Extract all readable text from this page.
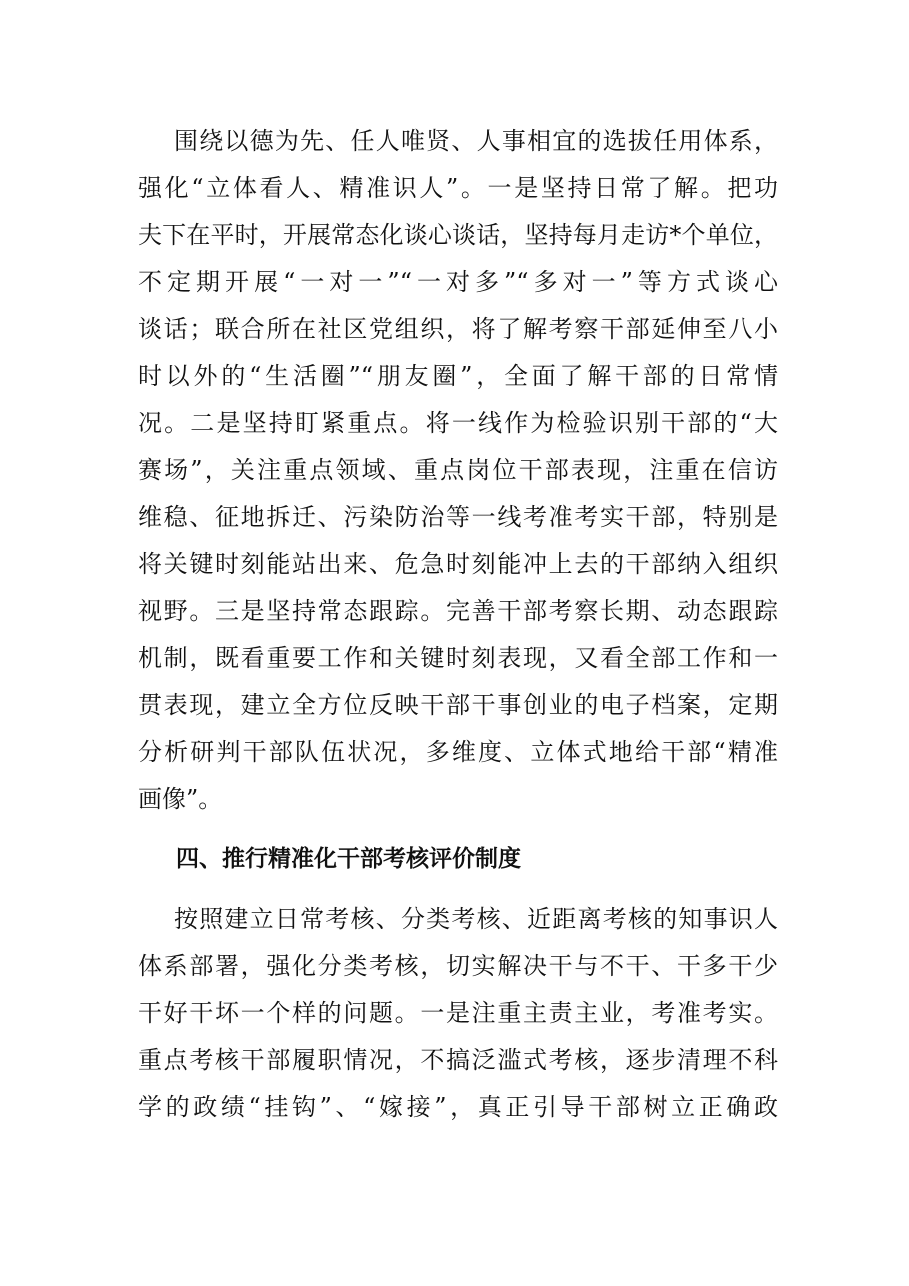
围绕以德为先、任人唯贤、人事相宜的选拔任用体系，
强化“立体看人、精准识人”。一是坚持日常了解。把功
夫下在平时，开展常态化谈心谈话，坚持每月走访*个单位，
不定期开展“一对一”“一对多”“多对一”等方式谈心
谈话；联合所在社区党组织，将了解考察干部延伸至八小
时以外的“生活圈”“朋友圈”，全面了解干部的日常情
况。二是坚持盯紧重点。将一线作为检验识别干部的“大
赛场”，关注重点领域、重点岗位干部表现，注重在信访
维稳、征地拆迁、污染防治等一线考准考实干部，特别是
将关键时刻能站出来、危急时刻能冲上去的干部纳入组织
视野。三是坚持常态跟踪。完善干部考察长期、动态跟踪
机制，既看重要工作和关键时刻表现，又看全部工作和一
贯表现，建立全方位反映干部干事创业的电子档案，定期
分析研判干部队伍状况，多维度、立体式地给干部“精准
画像”。
四、推行精准化干部考核评价制度
按照建立日常考核、分类考核、近距离考核的知事识人
体系部署，强化分类考核，切实解决干与不干、干多干少
干好干坏一个样的问题。一是注重主责主业，考准考实。
重点考核干部履职情况，不搞泛滥式考核，逐步清理不科
学的政绩“挂钩”、“嫁接”，真正引导干部树立正确政
